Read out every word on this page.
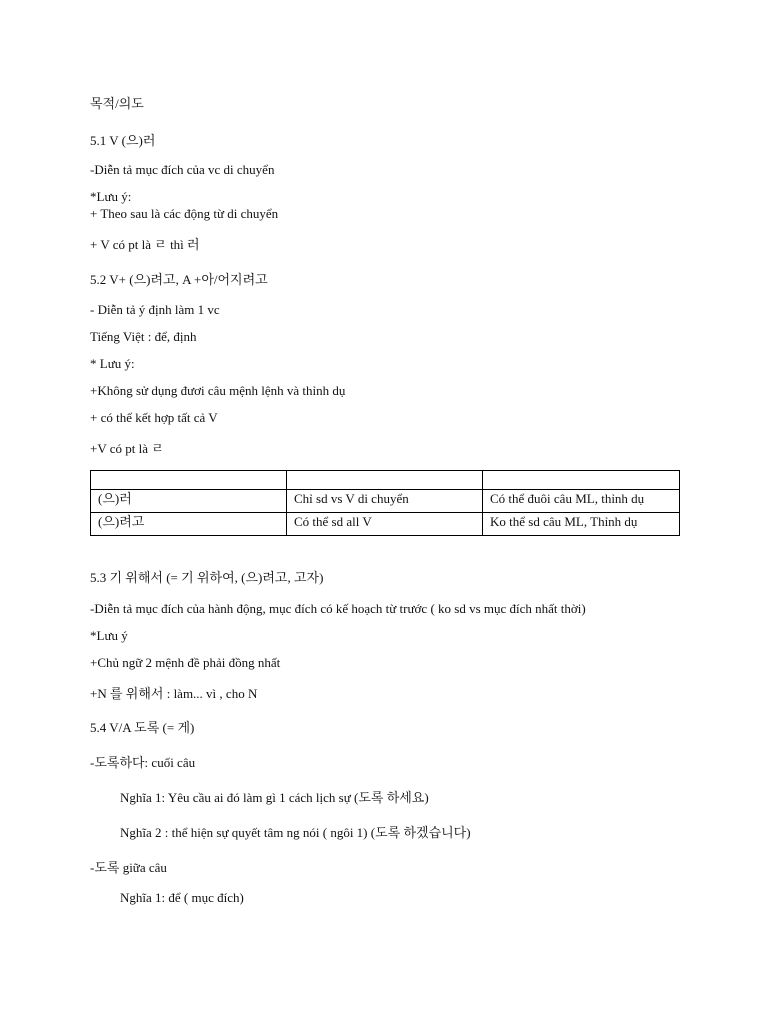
목적/의도
5.1 V (으)러
-Diễn tả mục đích của vc di chuyển
*Lưu ý:
+ Theo sau là các động từ di chuyển
+ V có pt là ㄹ thì 러
5.2 V+ (으)려고, A +아/어지려고
- Diễn tả ý định làm 1 vc
Tiếng Việt : để, định
* Lưu ý:
+Không sử dụng đươi câu mệnh lệnh và thỉnh dụ
+ có thể kết hợp tất cả V
+V có pt là ㄹ

(으)러	Chỉ sd vs V di chuyển	Có thể đuôi câu ML, thỉnh dụ
(으)려고	Có thể sd all V	Ko thể sd câu ML, Thỉnh dụ
5.3 기 위해서 (= 기 위하여, (으)려고, 고자)
-Diễn tả mục đích của hành động, mục đích có kế hoạch từ trước ( ko sd vs mục đích nhất thời)
*Lưu ý
+Chủ ngữ 2 mệnh đề phải đồng nhất
+N 를 위해서 : làm... vì , cho N
5.4 V/A 도록 (= 게)
-도록하다: cuối câu
Nghĩa 1: Yêu cầu ai đó làm gì 1 cách lịch sự (도록 하세요)
Nghĩa 2 : thể hiện sự quyết tâm ng nói ( ngôi 1) (도록 하겠습니다)
-도록 giữa câu
Nghĩa 1: để ( mục đích)
